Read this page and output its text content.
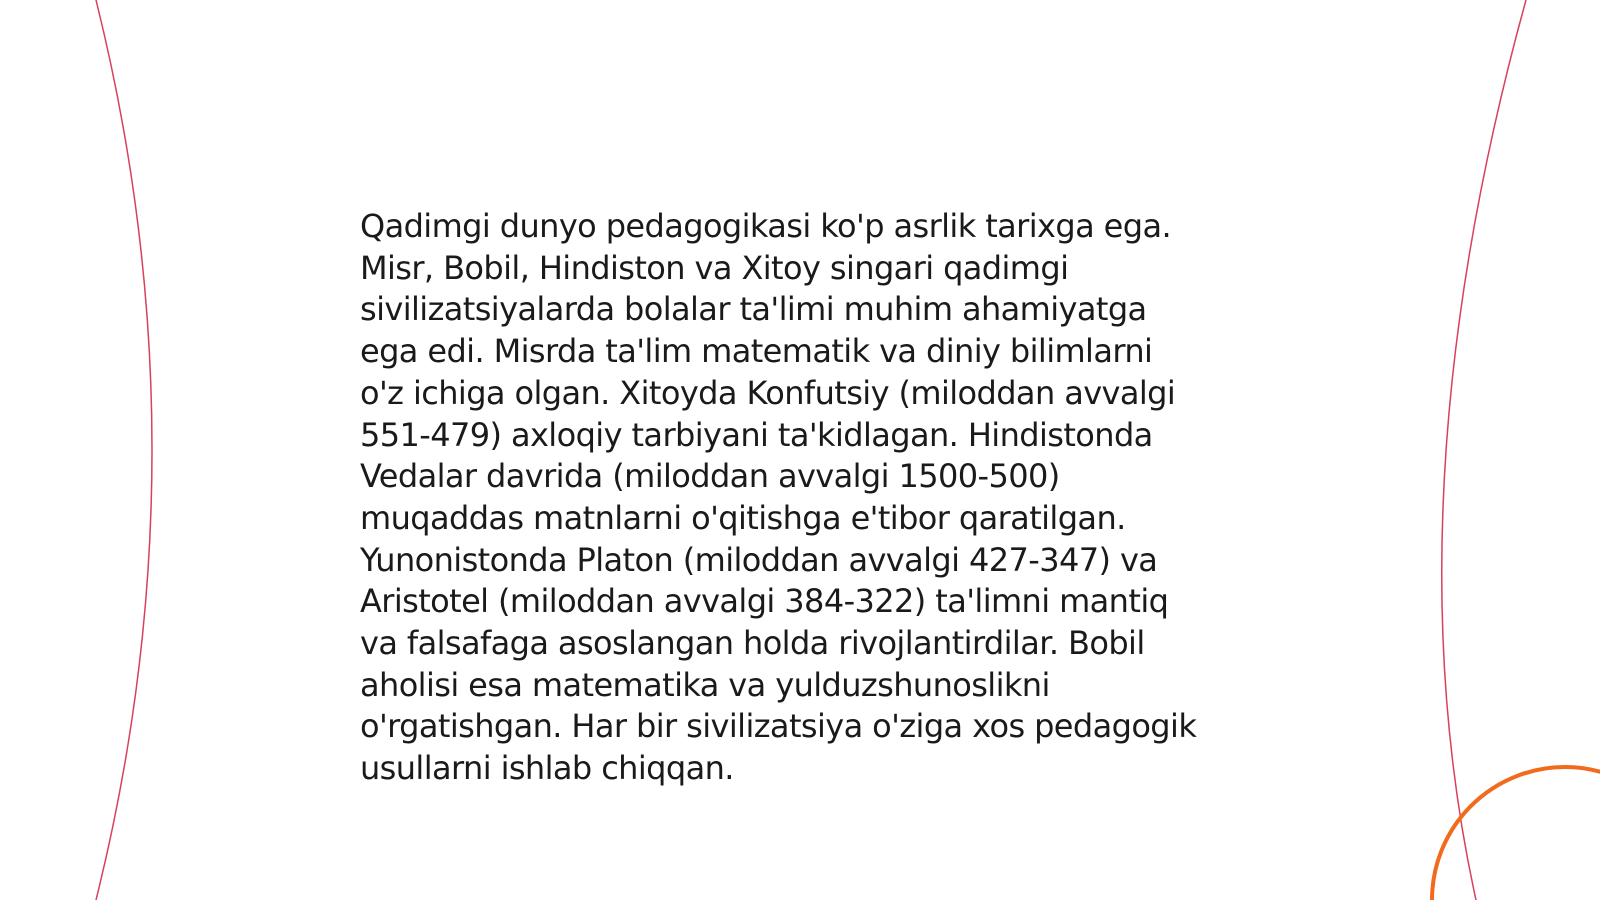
Qadimgi dunyo pedagogikasi ko'p asrlik tarixga ega.
Misr, Bobil, Hindiston va Xitoy singari qadimgi
sivilizatsiyalarda bolalar ta'limi muhim ahamiyatga
ega edi. Misrda ta'lim matematik va diniy bilimlarni
o'z ichiga olgan. Xitoyda Konfutsiy (miloddan avvalgi
551-479) axloqiy tarbiyani ta'kidlagan. Hindistonda
Vedalar davrida (miloddan avvalgi 1500-500)
muqaddas matnlarni o'qitishga e'tibor qaratilgan.
Yunonistonda Platon (miloddan avvalgi 427-347) va
Aristotel (miloddan avvalgi 384-322) ta'limni mantiq
va falsafaga asoslangan holda rivojlantirdilar. Bobil
aholisi esa matematika va yulduzshunoslikni
o'rgatishgan. Har bir sivilizatsiya o'ziga xos pedagogik
usullarni ishlab chiqqan.
